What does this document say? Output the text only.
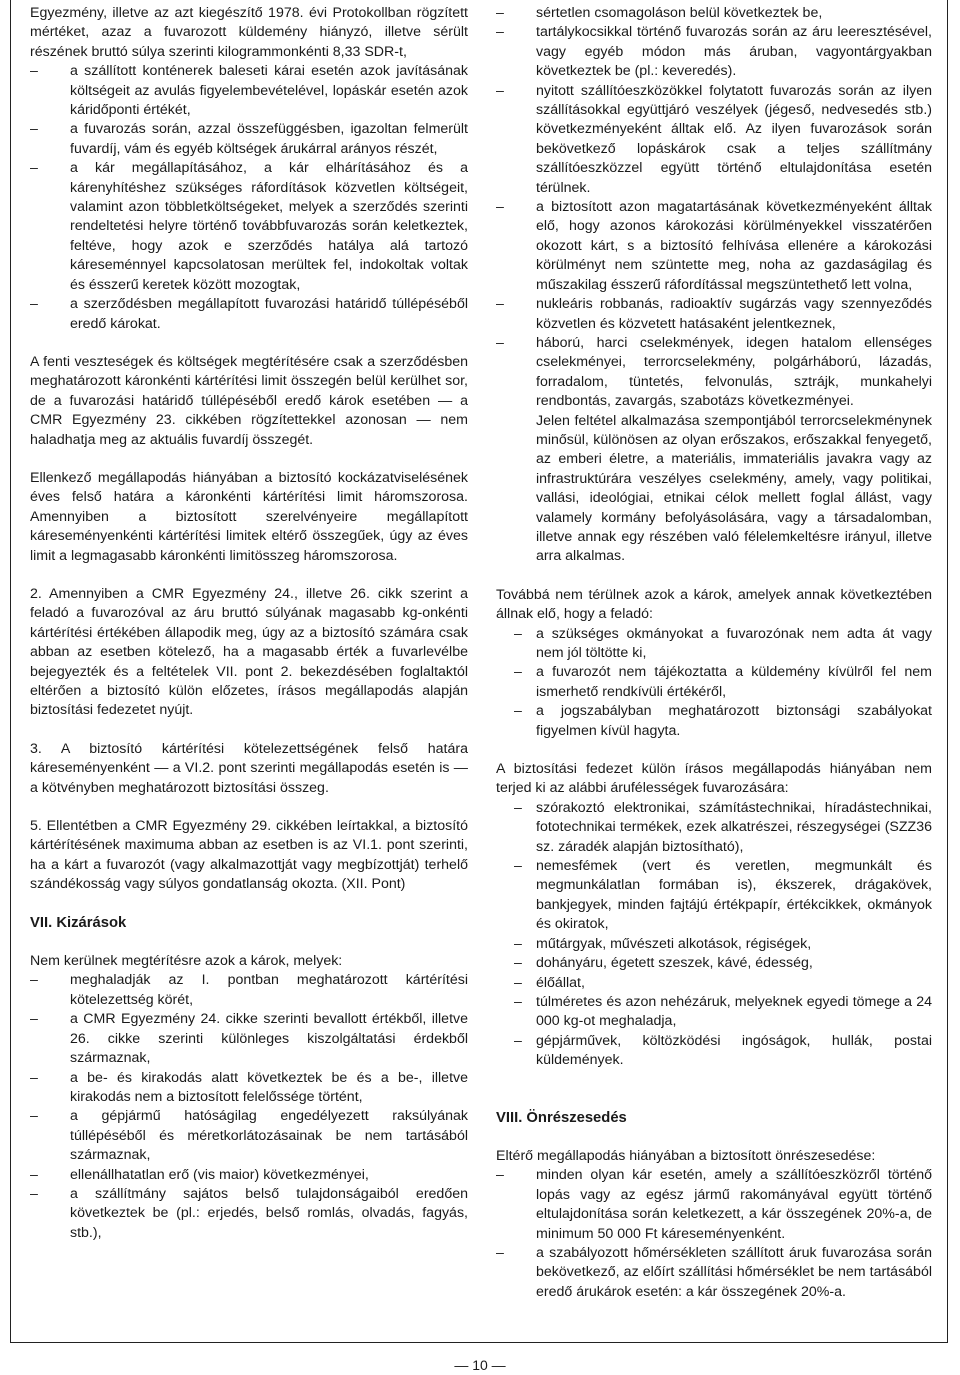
Egyezmény, illetve az azt kiegészítő 1978. évi Protokollban rögzített mértéket, azaz a fuvarozott küldemény hiányzó, illetve sérült részének bruttó súlya szerinti kilogrammonkénti 8,33 SDR-t,

– a szállított konténerek baleseti kárai esetén azok javításának költségeit az avulás figyelembevételével, lopáskár esetén azok káridőponti értékét,
– a fuvarozás során, azzal összefüggésben, igazoltan felmerült fuvardíj, vám és egyéb költségek árukárral arányos részét,
– a kár megállapításához, a kár elhárításához és a kárenyhítéshez szükséges ráfordítások közvetlen költségeit, valamint azon többletköltségeket, melyek a szerződés szerinti rendeltetési helyre történő továbbfuvarozás során keletkeztek, feltéve, hogy azok e szerződés hatálya alá tartozó káreseménnyel kapcsolatosan merültek fel, indokoltak voltak és ésszerű keretek között mozogtak,
– a szerződésben megállapított fuvarozási határidő túllépéséből eredő károkat.

A fenti veszteségek és költségek megtérítésére csak a szerződésben meghatározott káronkénti kártérítési limit összegén belül kerülhet sor, de a fuvarozási határidő túllépéséből eredő károk esetében — a CMR Egyezmény 23. cikkében rögzítettekkel azonosan — nem haladhatja meg az aktuális fuvardíj összegét.

Ellenkező megállapodás hiányában a biztosító kockázatviselésének éves felső határa a káronkénti kártérítési limit háromszorosa. Amennyiben a biztosított szerelvényeire megállapított káreseményenkénti kártérítési limitek eltérő összegűek, úgy az éves limit a legmagasabb káronkénti limitösszeg háromszorosa.

2. Amennyiben a CMR Egyezmény 24., illetve 26. cikk szerint a feladó a fuvarozóval az áru bruttó súlyának magasabb kg-onkénti kártérítési értékében állapodik meg, úgy az a biztosító számára csak abban az esetben kötelező, ha a magasabb érték a fuvarlevélbe bejegyezték és a feltételek VII. pont 2. bekezdésében foglaltaktól eltérően a biztosító külön előzetes, írásos megállapodás alapján biztosítási fedezetet nyújt.

3. A biztosító kártérítési kötelezettségének felső határa káreseményenként — a VI.2. pont szerinti megállapodás esetén is — a kötvényben meghatározott biztosítási összeg.

5. Ellentétben a CMR Egyezmény 29. cikkében leírtakkal, a biztosító kártérítésének maximuma abban az esetben is az VI.1. pont szerinti, ha a kárt a fuvarozót (vagy alkalmazottját vagy megbízottját) terhelő szándékosság vagy súlyos gondatlanság okozta. (XII. Pont)

VII. Kizárások

Nem kerülnek megtérítésre azok a károk, melyek:

– meghaladják az I. pontban meghatározott kártérítési kötelezettség körét,
– a CMR Egyezmény 24. cikke szerinti bevallott értékből, illetve 26. cikke szerinti különleges kiszolgáltatási érdekből származnak,
– a be- és kirakodás alatt következtek be és a be-, illetve kirakodás nem a biztosított felelőssége történt,
– a gépjármű hatóságilag engedélyezett raksúlyának túllépéséből és méretkorlátozásainak be nem tartásából származnak,
– ellenállhatatlan erő (vis maior) következményei,
– a szállítmány sajátos belső tulajdonságaiból eredően következtek be (pl.: erjedés, belső romlás, olvadás, fagyás, stb.),
– sértetlen csomagoláson belül következtek be,
– tartálykocsikkal történő fuvarozás során az áru leeresztésével, vagy egyéb módon más áruban, vagyontárgyakban következtek be (pl.: keveredés).
– nyitott szállítóeszközökkel folytatott fuvarozás során az ilyen szállításokkal együttjáró veszélyek (jégeső, nedvesedés stb.) következményeként álltak elő. Az ilyen fuvarozások során bekövetkező lopáskárok csak a teljes szállítmány szállítóeszközzel együtt történő eltulajdonítása esetén térülnek.
– a biztosított azon magatartásának következményeként álltak elő, hogy azonos károkozási körülményekkel visszatérően okozott kárt, s a biztosító felhívása ellenére a károkozási körülményt nem szüntette meg, noha az gazdaságilag és műszakilag ésszerű ráfordítással megszüntethető lett volna,
– nukleáris robbanás, radioaktív sugárzás vagy szennyeződés közvetlen és közvetett hatásaként jelentkeznek,
– háború, harci cselekmények, idegen hatalom ellenséges cselekményei, terrorcselekmény, polgárháború, lázadás, forradalom, tüntetés, felvonulás, sztrájk, munkahelyi rendbontás, zavargás, szabotázs következményei.
Jelen feltétel alkalmazása szempontjából terrorcselekménynek minősül, különösen az olyan erőszakos, erőszakkal fenyegető, az emberi életre, a materiális, immateriális javakra vagy az infrastruktúrára veszélyes cselekmény, amely, vagy politikai, vallási, ideológiai, etnikai célok mellett foglal állást, vagy valamely kormány befolyásolására, vagy a társadalomban, illetve annak egy részében való félelemkeltésre irányul, illetve arra alkalmas.

Továbbá nem térülnek azok a károk, amelyek annak következtében állnak elő, hogy a feladó:

– a szükséges okmányokat a fuvarozónak nem adta át vagy nem jól töltötte ki,
– a fuvarozót nem tájékoztatta a küldemény kívülről fel nem ismerhető rendkívüli értékéről,
– a jogszabályban meghatározott biztonsági szabályokat figyelmen kívül hagyta.

A biztosítási fedezet külön írásos megállapodás hiányában nem terjed ki az alábbi árufélességek fuvarozására:

– szórakoztó elektronikai, számítástechnikai, híradástechnikai, fototechnikai termékek, ezek alkatrészei, részegységei (SZZ36 sz. záradék alapján biztosítható),
– nemesfémek (vert és veretlen, megmunkált és megmunkálatlan formában is), ékszerek, drágakövek, bankjegyek, minden fajtájú értékpapír, értékcikkek, okmányok és okiratok,
– műtárgyak, művészeti alkotások, régiségek,
– dohányáru, égetett szeszek, kávé, édesség,
– élőállat,
– túlméretes és azon nehézáruk, melyeknek egyedi tömege a 24 000 kg-ot meghaladja,
– gépjárművek, költözködési ingóságok, hullák, postai küldemények.
VIII. Önrészesedés

Eltérő megállapodás hiányában a biztosított önrészesedése:

– minden olyan kár esetén, amely a szállítóeszközről történő lopás vagy az egész jármű rakományával együtt történő eltulajdonítása során keletkezett, a kár összegének 20%-a, de minimum 50 000 Ft káreseményenként.
– a szabályozott hőmérsékleten szállított áruk fuvarozása során bekövetkező, az előírt szállítási hőmérséklet be nem tartásából eredő árukárok esetén: a kár összegének 20%-a.
— 10 —
